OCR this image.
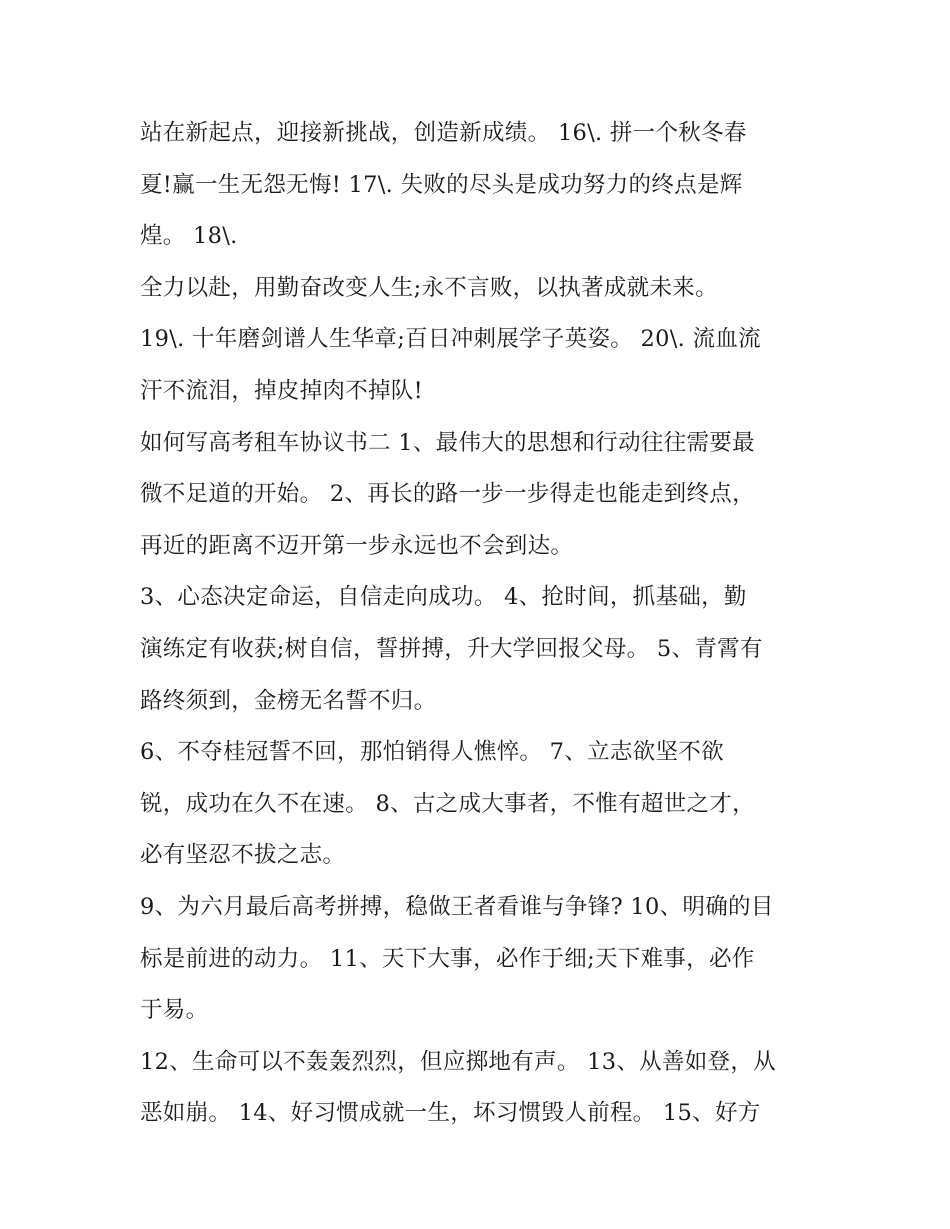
站在新起点，迎接新挑战，创造新成绩。 16\. 拼一个秋冬春
夏!赢一生无怨无悔! 17\. 失败的尽头是成功努力的终点是辉
煌。 18\.
全力以赴，用勤奋改变人生;永不言败，以执著成就未来。
19\. 十年磨剑谱人生华章;百日冲刺展学子英姿。 20\. 流血流
汗不流泪，掉皮掉肉不掉队!
如何写高考租车协议书二 1、最伟大的思想和行动往往需要最
微不足道的开始。 2、再长的路一步一步得走也能走到终点，
再近的距离不迈开第一步永远也不会到达。
3、心态决定命运，自信走向成功。 4、抢时间，抓基础，勤
演练定有收获;树自信，誓拼搏，升大学回报父母。 5、青霄有
路终须到，金榜无名誓不归。
6、不夺桂冠誓不回，那怕销得人憔悴。 7、立志欲坚不欲
锐，成功在久不在速。 8、古之成大事者，不惟有超世之才，
必有坚忍不拔之志。
9、为六月最后高考拼搏，稳做王者看谁与争锋? 10、明确的目
标是前进的动力。 11、天下大事，必作于细;天下难事，必作
于易。
12、生命可以不轰轰烈烈，但应掷地有声。 13、从善如登，从
恶如崩。 14、好习惯成就一生，坏习惯毁人前程。 15、好方
